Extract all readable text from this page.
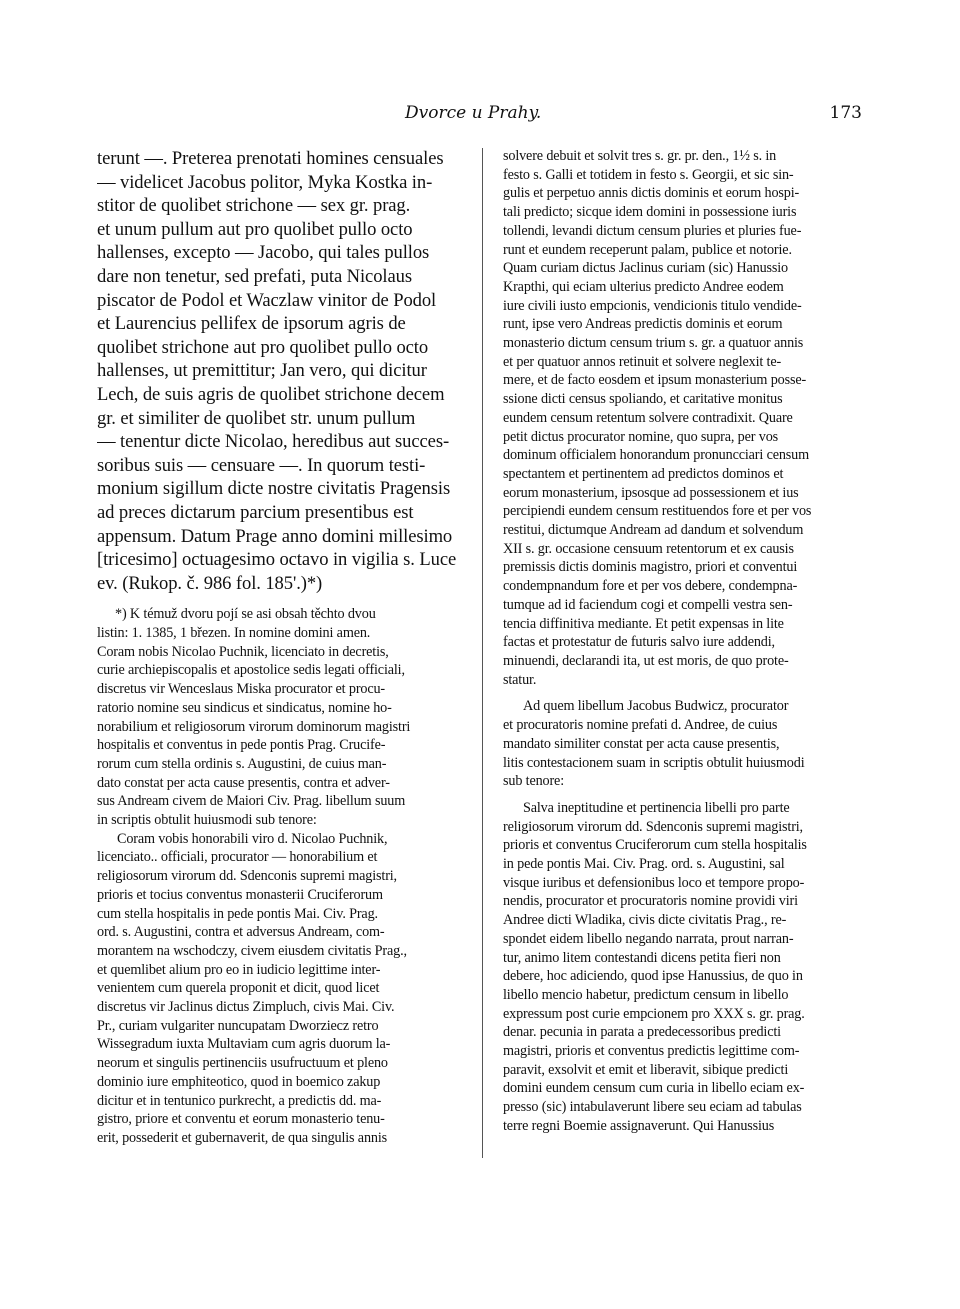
Dvorce u Prahy.	173
terunt —. Preterea prenotati homines censuales
— videlicet Jacobus politor, Myka Kostka in-
stitor de quolibet strichone — sex gr. prag.
et unum pullum aut pro quolibet pullo octo
hallenses, excepto — Jacobo, qui tales pullos
dare non tenetur, sed prefati, puta Nicolaus
piscator de Podol et Waczlaw vinitor de Podol
et Laurencius pellifex de ipsorum agris de
quolibet strichone aut pro quolibet pullo octo
hallenses, ut premittitur; Jan vero, qui dicitur
Lech, de suis agris de quolibet strichone decem
gr. et similiter de quolibet str. unum pullum
— tenentur dicte Nicolao, heredibus aut succes-
soribus suis — censuare —. In quorum testi-
monium sigillum dicte nostre civitatis Pragensis
ad preces dictarum parcium presentibus est
appensum. Datum Prage anno domini millesimo
[tricesimo] octuagesimo octavo in vigilia s. Luce
ev. (Rukop. č. 986 fol. 185'.)*)
*) K témuž dvoru pojí se asi obsah těchto dvou
listin: 1. 1385, 1 březen. In nomine domini amen.
Coram nobis Nicolao Puchnik, licenciato in decretis,
curie archiepiscopalis et apostolice sedis legati officiali,
discretus vir Wenceslaus Miska procurator et procu-
ratorio nomine seu sindicus et sindicatus, nomine ho-
norabilium et religiosorum virorum dominorum magistri
hospitalis et conventus in pede pontis Prag. Crucife-
rorum cum stella ordinis s. Augustini, de cuius man-
dato constat per acta cause presentis, contra et adver-
sus Andream civem de Maiori Civ. Prag. libellum suum
in scriptis obtulit huiusmodi sub tenore:
Coram vobis honorabili viro d. Nicolao Puchnik,
licenciato.. officiali, procurator — honorabilium et
religiosorum virorum dd. Sdenconis supremi magistri,
prioris et tocius conventus monasterii Cruciferorum
cum stella hospitalis in pede pontis Mai. Civ. Prag.
ord. s. Augustini, contra et adversus Andream, com-
morantem na wschodczy, civem eiusdem civitatis Prag.,
et quemlibet alium pro eo in iudicio legittime inter-
venientem cum querela proponit et dicit, quod licet
discretus vir Jaclinus dictus Zimpluch, civis Mai. Civ.
Pr., curiam vulgariter nuncupatam Dworziecz retro
Wissegradum iuxta Multaviam cum agris duorum la-
neorum et singulis pertinenciis usufructuum et pleno
dominio iure emphiteotico, quod in boemico zakup
dicitur et in tentunico purkrecht, a predictis dd. ma-
gistro, priore et conventu et eorum monasterio tenu-
erit, possederit et gubernaverit, de qua singulis annis
solvere debuit et solvit tres s. gr. pr. den., 1½ s. in
festo s. Galli et totidem in festo s. Georgii, et sic sin-
gulis et perpetuo annis dictis dominis et eorum hospi-
tali predicto; sicque idem domini in possessione iuris
tollendi, levandi dictum censum pluries et pluries fue-
runt et eundem receperunt palam, publice et notorie.
Quam curiam dictus Jaclinus curiam (sic) Hanussio
Krapthi, qui eciam ulterius predicto Andree eodem
iure civili iusto empcionis, vendicionis titulo vendide-
runt, ipse vero Andreas predictis dominis et eorum
monasterio dictum censum trium s. gr. a quatuor annis
et per quatuor annos retinuit et solvere neglexit te-
mere, et de facto eosdem et ipsum monasterium posse-
ssione dicti census spoliando, et caritative monitus
eundem censum retentum solvere contradixit. Quare
petit dictus procurator nomine, quo supra, per vos
dominum officialem honorandum pronuncciari censum
spectantem et pertinentem ad predictos dominos et
eorum monasterium, ipsosque ad possessionem et ius
percipiendi eundem censum restituendos fore et per vos
restitui, dictumque Andream ad dandum et solvendum
XII s. gr. occasione censuum retentorum et ex causis
premissis dictis dominis magistro, priori et conventui
condempnandum fore et per vos debere, condempna-
tumque ad id faciendum cogi et compelli vestra sen-
tencia diffinitiva mediante. Et petit expensas in lite
factas et protestatur de futuris salvo iure addendi,
minuendi, declarandi ita, ut est moris, de quo prote-
statur.
Ad quem libellum Jacobus Budwicz, procurator
et procuratoris nomine prefati d. Andree, de cuius
mandato similiter constat per acta cause presentis,
litis contestacionem suam in scriptis obtulit huiusmodi
sub tenore:
Salva ineptitudine et pertinencia libelli pro parte
religiosorum virorum dd. Sdenconis supremi magistri,
prioris et conventus Cruciferorum cum stella hospitalis
in pede pontis Mai. Civ. Prag. ord. s. Augustini, sal
visque iuribus et defensionibus loco et tempore propo-
nendis, procurator et procuratoris nomine providi viri
Andree dicti Wladika, civis dicte civitatis Prag., re-
spondet eidem libello negando narrata, prout narran-
tur, animo litem contestandi dicens petita fieri non
debere, hoc adiciendo, quod ipse Hanussius, de quo in
libello mencio habetur, predictum censum in libello
expressum post curie empcionem pro XXX s. gr. prag.
denar. pecunia in parata a predecessoribus predicti
magistri, prioris et conventus predictis legittime com-
paravit, exsolvit et emit et liberavit, sibique predicti
domini eundem censum cum curia in libello eciam ex-
presso (sic) intabulaverunt libere seu eciam ad tabulas
terre regni Boemie assignaverunt. Qui Hanussius
